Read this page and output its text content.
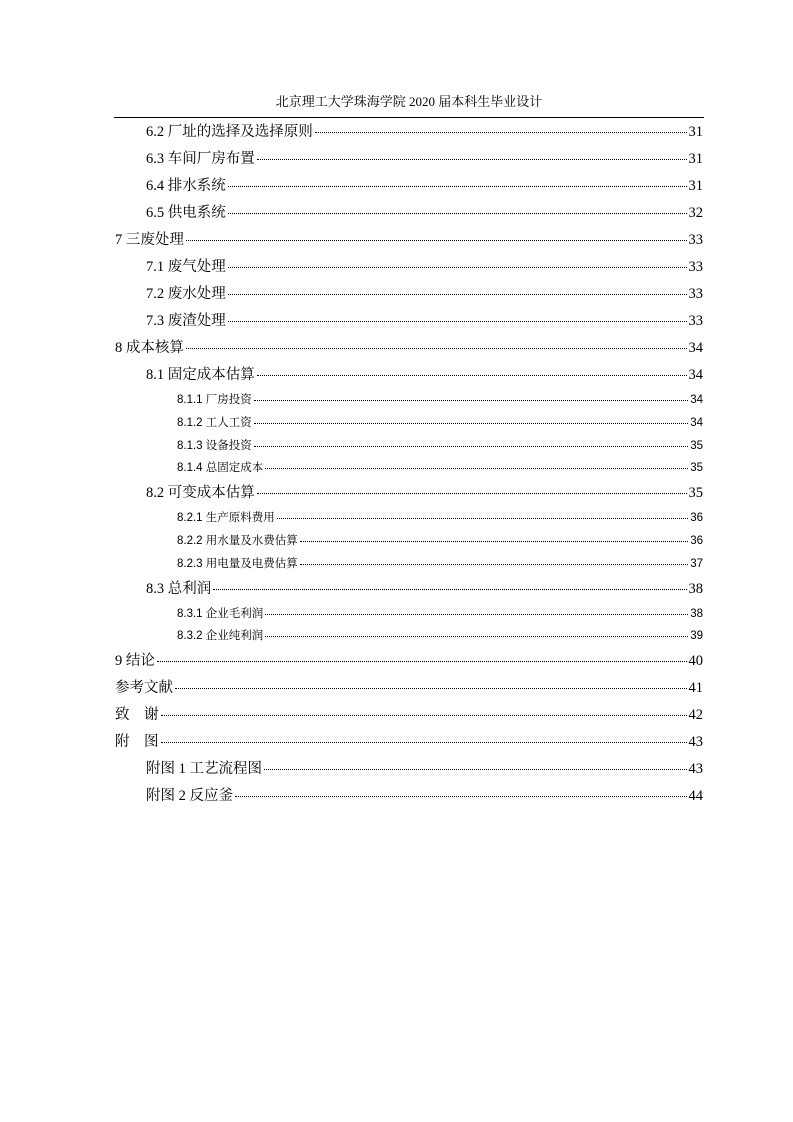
北京理工大学珠海学院 2020 届本科生毕业设计
6.2 厂址的选择及选择原则	31
6.3 车间厂房布置	31
6.4 排水系统	31
6.5 供电系统	32
7 三废处理	33
7.1 废气处理	33
7.2 废水处理	33
7.3 废渣处理	33
8 成本核算	34
8.1 固定成本估算	34
8.1.1 厂房投资	34
8.1.2 工人工资	34
8.1.3 设备投资	35
8.1.4 总固定成本	35
8.2 可变成本估算	35
8.2.1 生产原料费用	36
8.2.2 用水量及水费估算	36
8.2.3 用电量及电费估算	37
8.3 总利润	38
8.3.1 企业毛利润	38
8.3.2 企业纯利润	39
9 结论	40
参考文献	41
致　谢	42
附　图	43
附图 1 工艺流程图	43
附图 2 反应釜	44
